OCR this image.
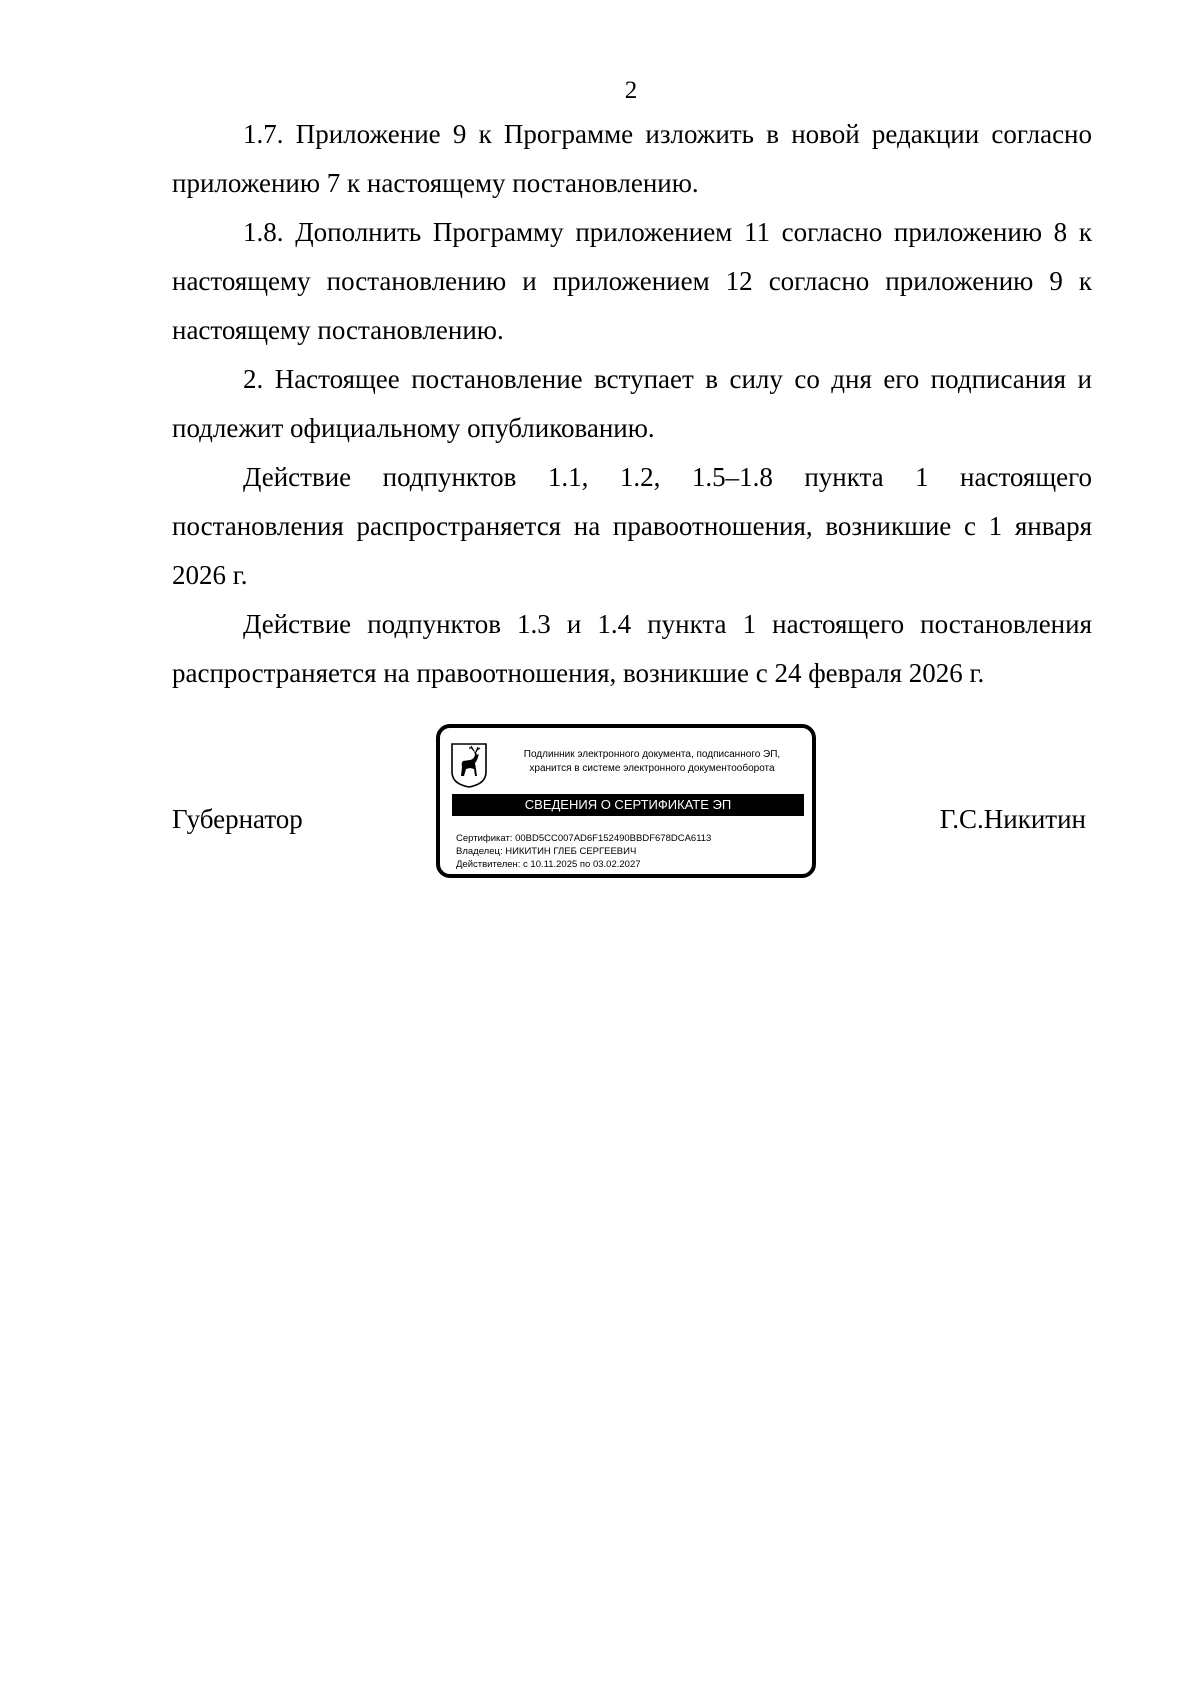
2

1.7. Приложение 9 к Программе изложить в новой редакции согласно приложению 7 к настоящему постановлению.

1.8. Дополнить Программу приложением 11 согласно приложению 8 к настоящему постановлению и приложением 12 согласно приложению 9 к настоящему постановлению.

2. Настоящее постановление вступает в силу со дня его подписания и подлежит официальному опубликованию.

Действие подпунктов 1.1, 1.2, 1.5–1.8 пункта 1 настоящего постановления распространяется на правоотношения, возникшие с 1 января 2026 г.

Действие подпунктов 1.3 и 1.4 пункта 1 настоящего постановления распространяется на правоотношения, возникшие с 24 февраля 2026 г.

Губернатор
Подлинник электронного документа, подписанного ЭП,
хранится в системе электронного документооборота
СВЕДЕНИЯ О СЕРТИФИКАТЕ ЭП
Сертификат: 00BD5CC007AD6F152490BBDF678DCA6113
Владелец: НИКИТИН ГЛЕБ СЕРГЕЕВИЧ
Действителен: с 10.11.2025 по 03.02.2027
Г.С.Никитин
